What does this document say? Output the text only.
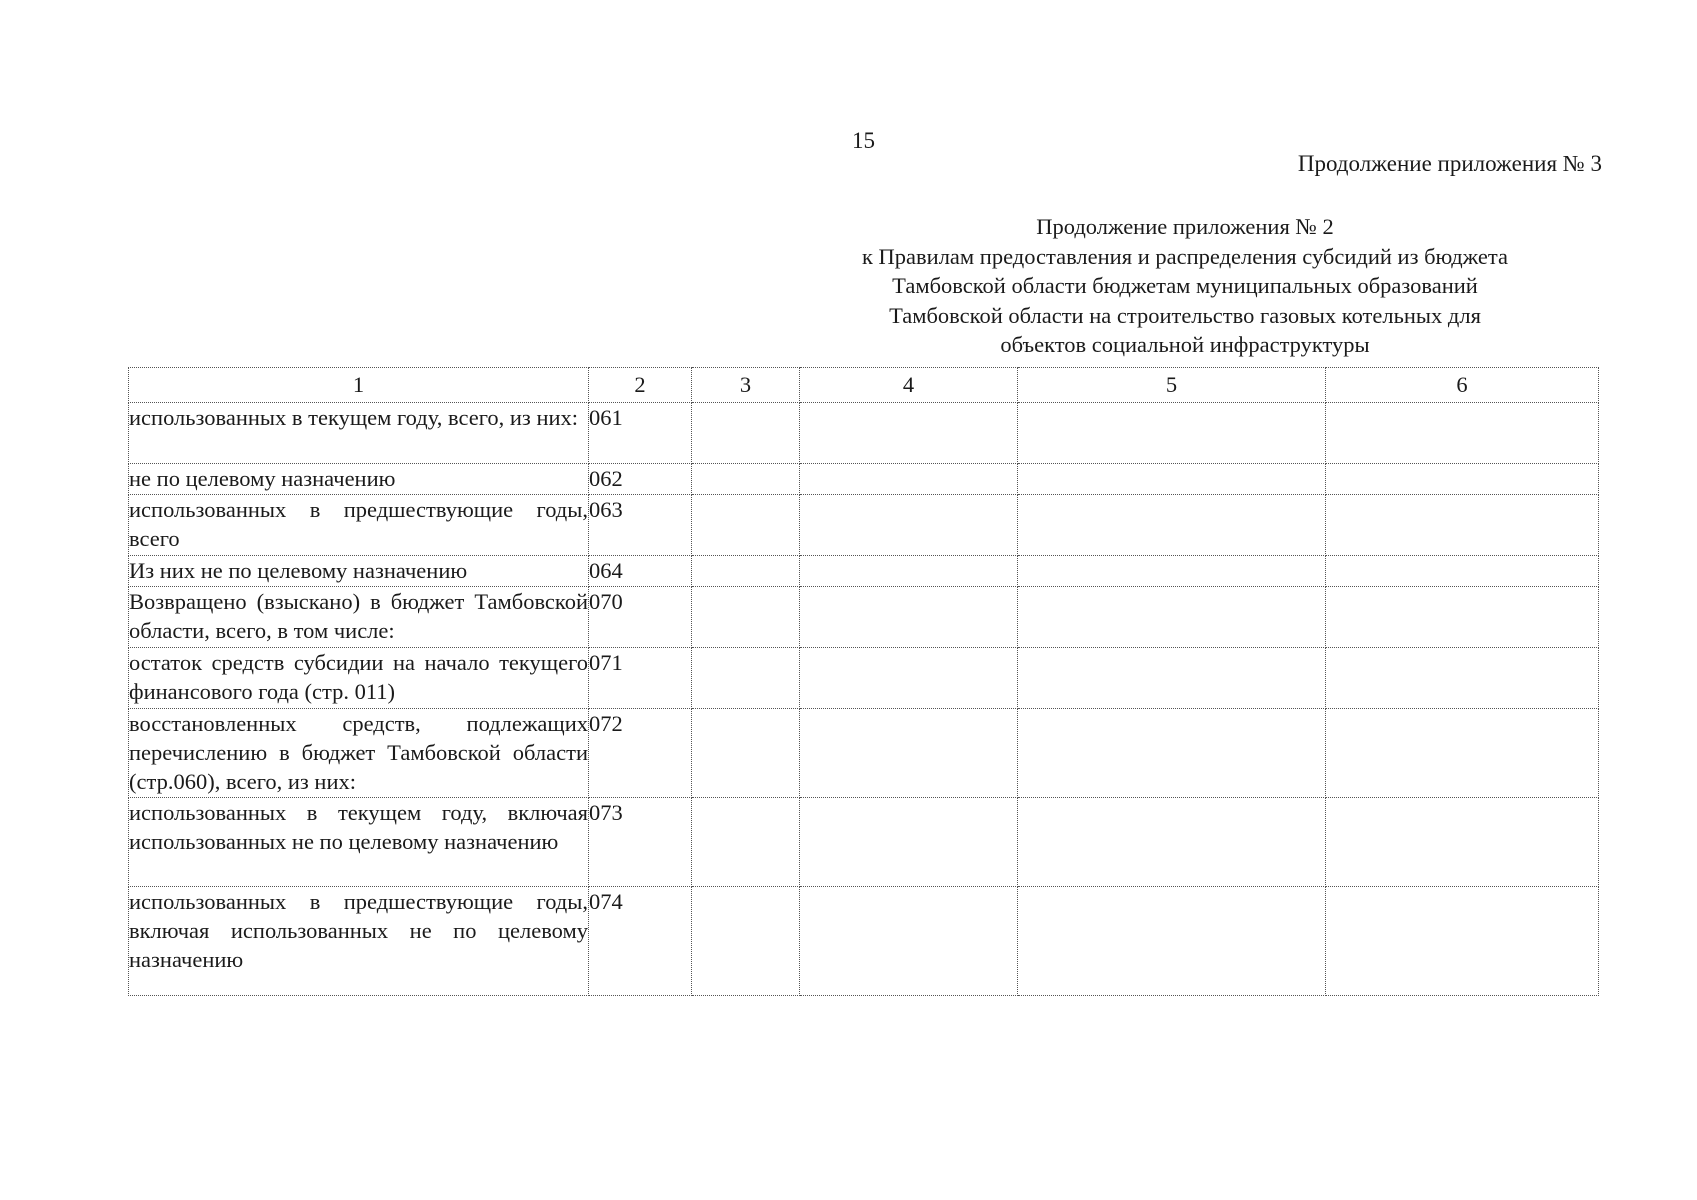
15
Продолжение приложения № 3
Продолжение приложения № 2
к Правилам предоставления и распределения субсидий из бюджета
Тамбовской области бюджетам муниципальных образований
Тамбовской области на строительство газовых котельных для
объектов социальной инфраструктуры
1	2	3	4	5	6
использованных в текущем году, всего, из них:	061				
не по целевому назначению	062				
использованных в предшествующие годы, всего	063				
Из них не по целевому назначению	064				
Возвращено (взыскано) в бюджет Тамбовской области, всего, в том числе:	070				
остаток средств субсидии на начало текущего финансового года (стр. 011)	071				
восстановленных средств, подлежащих перечислению в бюджет Тамбовской области (стр.060), всего, из них:	072				
использованных в текущем году, включая использованных не по целевому назначению	073				
использованных в предшествующие годы, включая использованных не по целевому назначению	074				
